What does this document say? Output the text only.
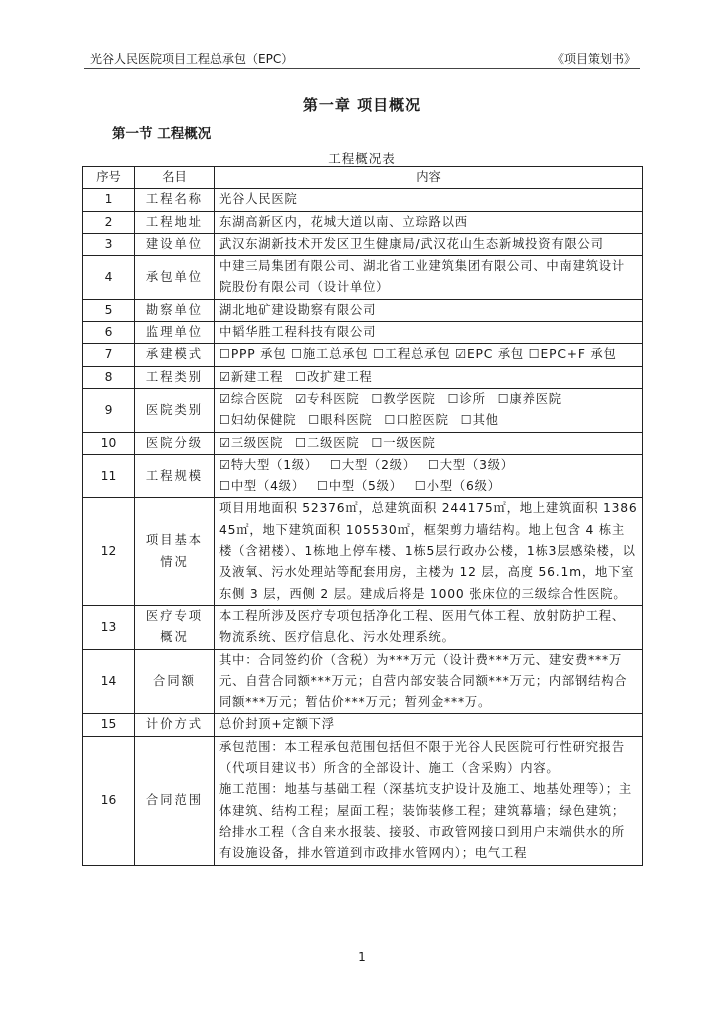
光谷人民医院项目工程总承包（EPC）	《项目策划书》
第一章 项目概况
第一节 工程概况
工程概况表
序号	名目	内容
1	工程名称	光谷人民医院

2	工程地址	东湖高新区内，花城大道以南、立琮路以西

3	建设单位	武汉东湖新技术开发区卫生健康局/武汉花山生态新城投资有限公司

4	承包单位	中建三局集团有限公司、湖北省工业建筑集团有限公司、中南建筑设计院股份有限公司（设计单位）

5	勘察单位	湖北地矿建设勘察有限公司

6	监理单位	中韬华胜工程科技有限公司

7	承建模式	☐PPP 承包 ☐施工总承包 ☐工程总承包 ☑EPC 承包 ☐EPC+F 承包

8	工程类别	☑新建工程 ☐改扩建工程

9	医院类别	☑综合医院 ☑专科医院 ☐教学医院 ☐诊所 ☐康养医院
☐妇幼保健院 ☐眼科医院 ☐口腔医院 ☐其他

10	医院分级	☑三级医院 ☐二级医院 ☐一级医院

11	工程规模	☑特大型（1级） ☐大型（2级） ☐大型（3级）
☐中型（4级） ☐中型（5级） ☐小型（6级）

12	项目基本情况	项目用地面积 52376㎡，总建筑面积 244175㎡，地上建筑面积 138645㎡，地下建筑面积 105530㎡，框架剪力墙结构。地上包含 4 栋主楼（含裙楼）、1栋地上停车楼、1栋5层行政办公楼，1栋3层感染楼，以及液氧、污水处理站等配套用房，主楼为 12 层，高度 56.1m，地下室东侧 3 层，西侧 2 层。建成后将是 1000 张床位的三级综合性医院。

13	医疗专项概况	本工程所涉及医疗专项包括净化工程、医用气体工程、放射防护工程、物流系统、医疗信息化、污水处理系统。

14	合同额	其中：合同签约价（含税）为***万元（设计费***万元、建安费***万元、自营合同额***万元；自营内部安装合同额***万元；内部钢结构合同额***万元；暂估价***万元；暂列金***万。

15	计价方式	总价封顶+定额下浮

16	合同范围	承包范围：本工程承包范围包括但不限于光谷人民医院可行性研究报告（代项目建议书）所含的全部设计、施工（含采购）内容。
施工范围：地基与基础工程（深基坑支护设计及施工、地基处理等）；主体建筑、结构工程；屋面工程；装饰装修工程；建筑幕墙；绿色建筑；给排水工程（含自来水报装、接驳、市政管网接口到用户末端供水的所有设施设备，排水管道到市政排水管网内）；电气工程
1
